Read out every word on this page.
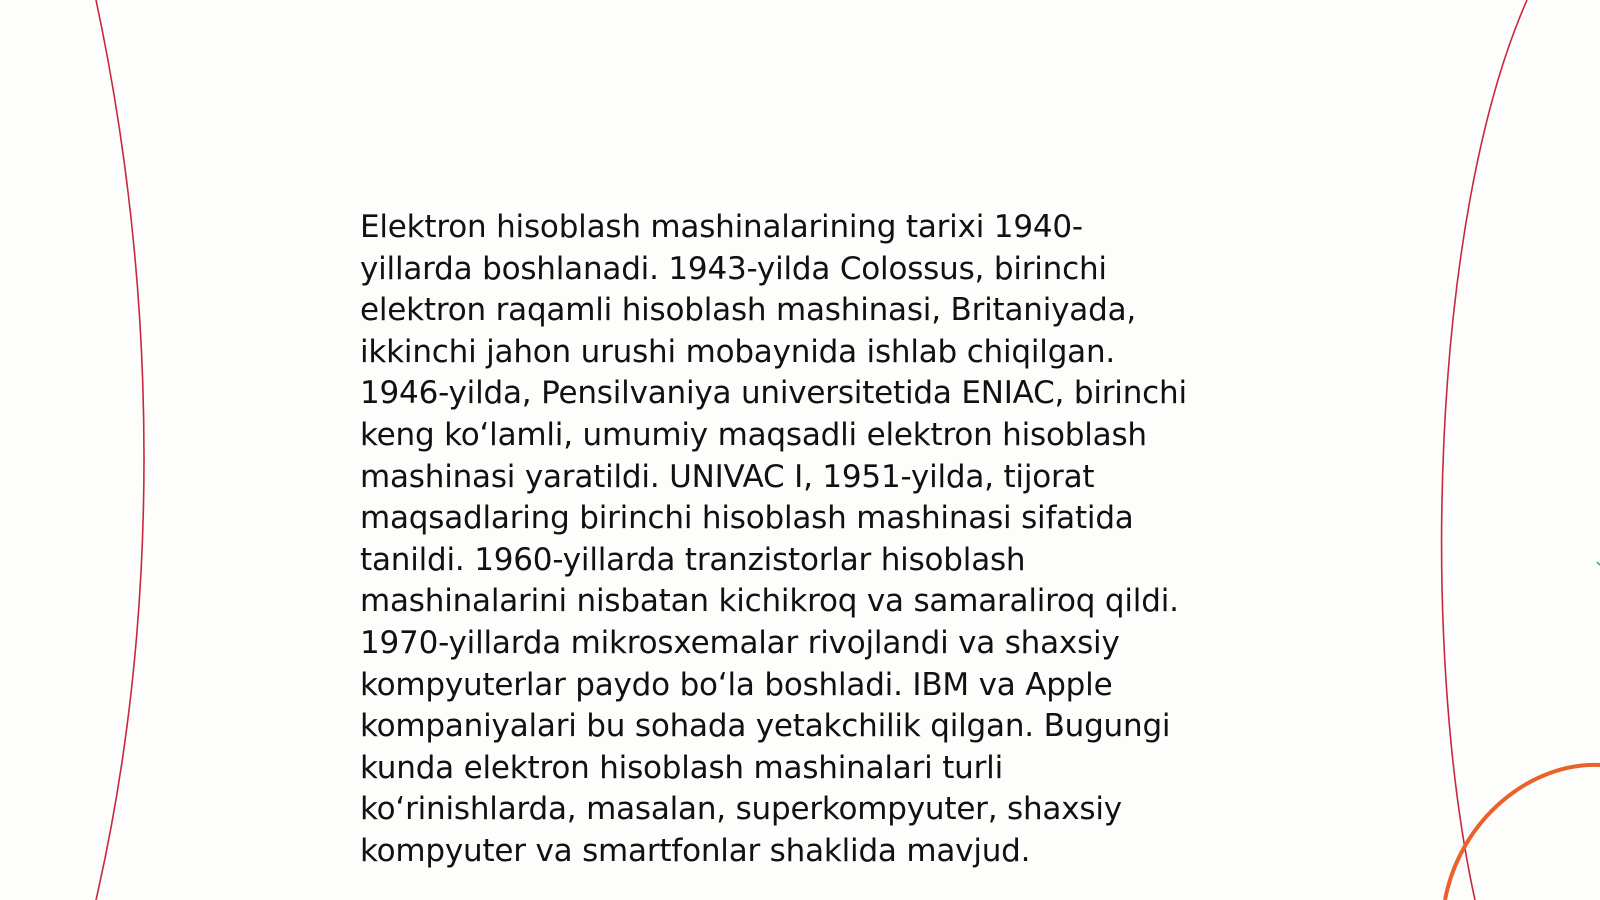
Elektron hisoblash mashinalarining tarixi 1940-
yillarda boshlanadi. 1943-yilda Colossus, birinchi
elektron raqamli hisoblash mashinasi, Britaniyada,
ikkinchi jahon urushi mobaynida ishlab chiqilgan.
1946-yilda, Pensilvaniya universitetida ENIAC, birinchi
keng ko‘lamli, umumiy maqsadli elektron hisoblash
mashinasi yaratildi. UNIVAC I, 1951-yilda, tijorat
maqsadlaring birinchi hisoblash mashinasi sifatida
tanildi. 1960-yillarda tranzistorlar hisoblash
mashinalarini nisbatan kichikroq va samaraliroq qildi.
1970-yillarda mikrosxemalar rivojlandi va shaxsiy
kompyuterlar paydo bo‘la boshladi. IBM va Apple
kompaniyalari bu sohada yetakchilik qilgan. Bugungi
kunda elektron hisoblash mashinalari turli
ko‘rinishlarda, masalan, superkompyuter, shaxsiy
kompyuter va smartfonlar shaklida mavjud.
